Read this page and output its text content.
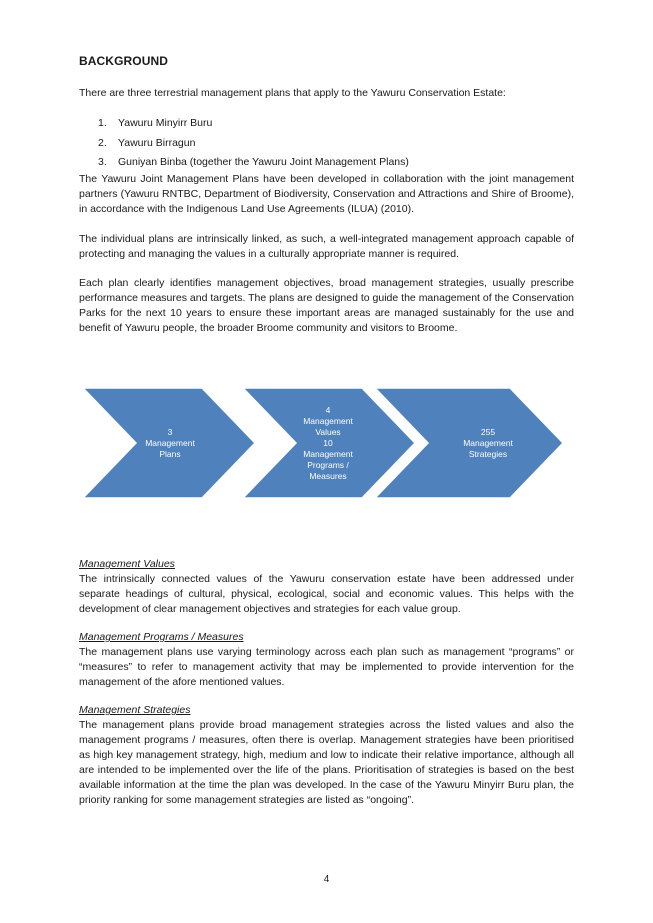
BACKGROUND

There are three terrestrial management plans that apply to the Yawuru Conservation Estate:

1.	Yawuru Minyirr Buru
2.	Yawuru Birragun
3.	Guniyan Binba (together the Yawuru Joint Management Plans)

The Yawuru Joint Management Plans have been developed in collaboration with the joint management partners (Yawuru RNTBC, Department of Biodiversity, Conservation and Attractions and Shire of Broome), in accordance with the Indigenous Land Use Agreements (ILUA) (2010).

The individual plans are intrinsically linked, as such, a well-integrated management approach capable of protecting and managing the values in a culturally appropriate manner is required.

Each plan clearly identifies management objectives, broad management strategies, usually prescribe performance measures and targets. The plans are designed to guide the management of the Conservation Parks for the next 10 years to ensure these important areas are managed sustainably for the use and benefit of Yawuru people, the broader Broome community and visitors to Broome.

3
Management
Plans
4
Management
Values
10
Management
Programs /
Measures
255
Management
Strategies

Management Values
The intrinsically connected values of the Yawuru conservation estate have been addressed under separate headings of cultural, physical, ecological, social and economic values. This helps with the development of clear management objectives and strategies for each value group.

Management Programs / Measures
The management plans use varying terminology across each plan such as management “programs” or “measures” to refer to management activity that may be implemented to provide intervention for the management of the afore mentioned values.

Management Strategies
The management plans provide broad management strategies across the listed values and also the management programs / measures, often there is overlap. Management strategies have been prioritised as high key management strategy, high, medium and low to indicate their relative importance, although all are intended to be implemented over the life of the plans. Prioritisation of strategies is based on the best available information at the time the plan was developed. In the case of the Yawuru Minyirr Buru plan, the priority ranking for some management strategies are listed as “ongoing”.

4
